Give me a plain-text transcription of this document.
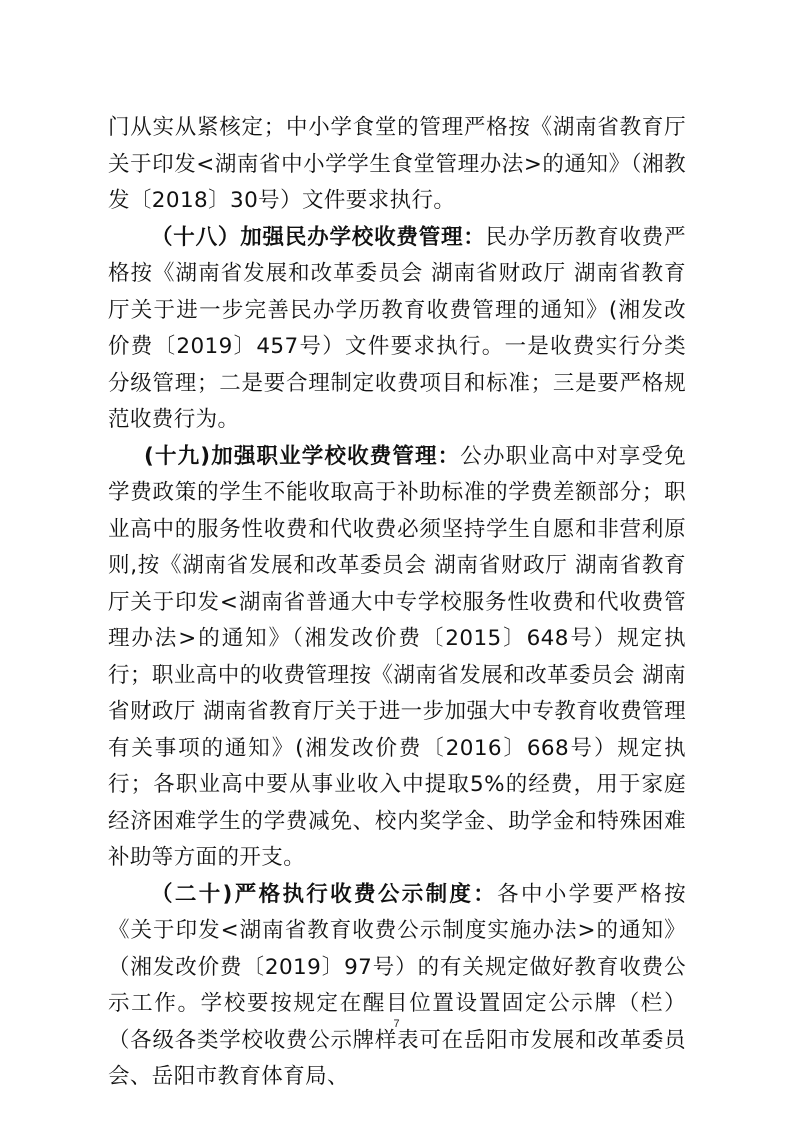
门从实从紧核定；中小学食堂的管理严格按《湖南省教育厅关于印发<湖南省中小学学生食堂管理办法>的通知》（湘教发〔2018〕30号）文件要求执行。

（十八）加强民办学校收费管理：民办学历教育收费严格按《湖南省发展和改革委员会 湖南省财政厅 湖南省教育厅关于进一步完善民办学历教育收费管理的通知》(湘发改价费〔2019〕457号）文件要求执行。一是收费实行分类分级管理；二是要合理制定收费项目和标准；三是要严格规范收费行为。

(十九)加强职业学校收费管理：公办职业高中对享受免学费政策的学生不能收取高于补助标准的学费差额部分；职业高中的服务性收费和代收费必须坚持学生自愿和非营利原则,按《湖南省发展和改革委员会 湖南省财政厅 湖南省教育厅关于印发<湖南省普通大中专学校服务性收费和代收费管理办法>的通知》（湘发改价费〔2015〕648号）规定执行；职业高中的收费管理按《湖南省发展和改革委员会 湖南省财政厅 湖南省教育厅关于进一步加强大中专教育收费管理有关事项的通知》(湘发改价费〔2016〕668号）规定执行；各职业高中要从事业收入中提取5%的经费，用于家庭经济困难学生的学费减免、校内奖学金、助学金和特殊困难补助等方面的开支。

（二十)严格执行收费公示制度：各中小学要严格按《关于印发<湖南省教育收费公示制度实施办法>的通知》（湘发改价费〔2019〕97号）的有关规定做好教育收费公示工作。学校要按规定在醒目位置设置固定公示牌（栏）（各级各类学校收费公示牌样表可在岳阳市发展和改革委员会、岳阳市教育体育局、

7
